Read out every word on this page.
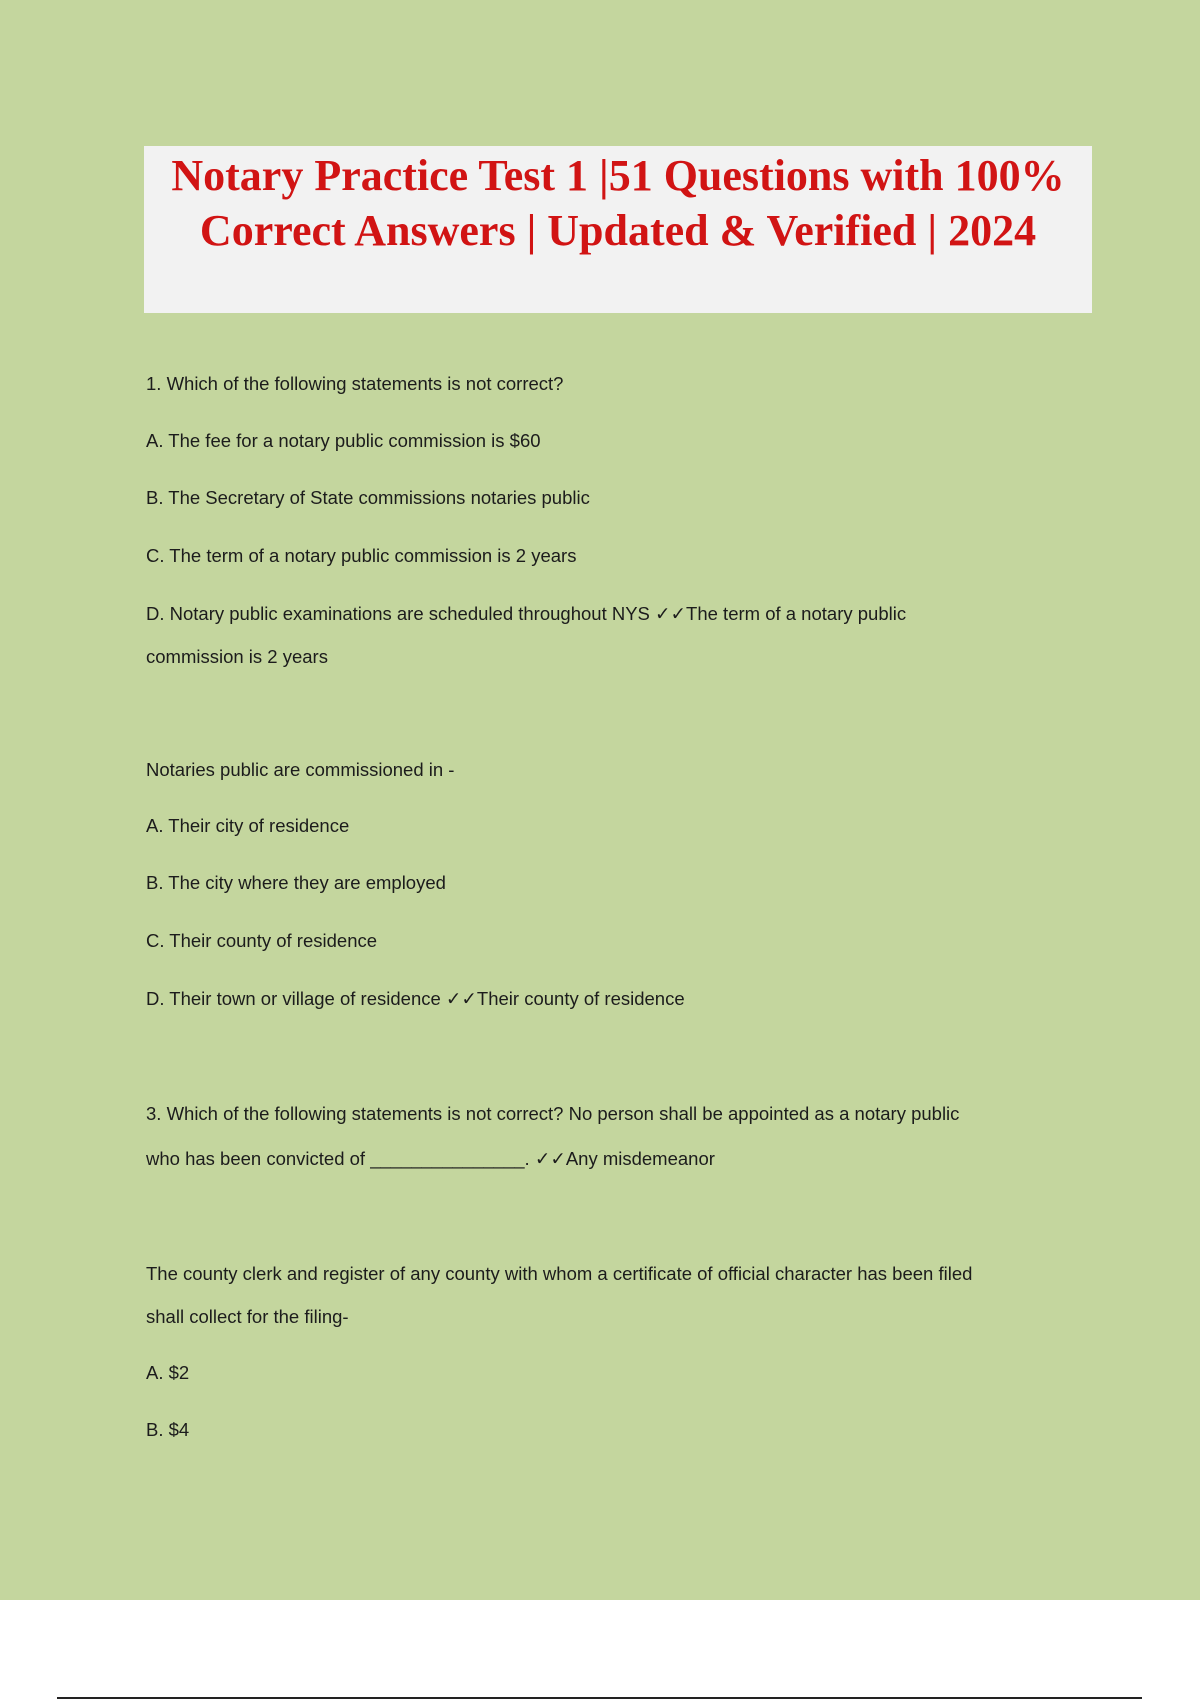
Notary Practice Test 1 |51 Questions with 100% Correct Answers | Updated & Verified | 2024
1. Which of the following statements is not correct?
A. The fee for a notary public commission is $60
B. The Secretary of State commissions notaries public
C. The term of a notary public commission is 2 years
D. Notary public examinations are scheduled throughout NYS ✓✓The term of a notary public
commission is 2 years
Notaries public are commissioned in -
A. Their city of residence
B. The city where they are employed
C. Their county of residence
D. Their town or village of residence ✓✓Their county of residence
3. Which of the following statements is not correct? No person shall be appointed as a notary public
who has been convicted of _______________. ✓✓Any misdemeanor
The county clerk and register of any county with whom a certificate of official character has been filed
shall collect for the filing-
A. $2
B. $4
